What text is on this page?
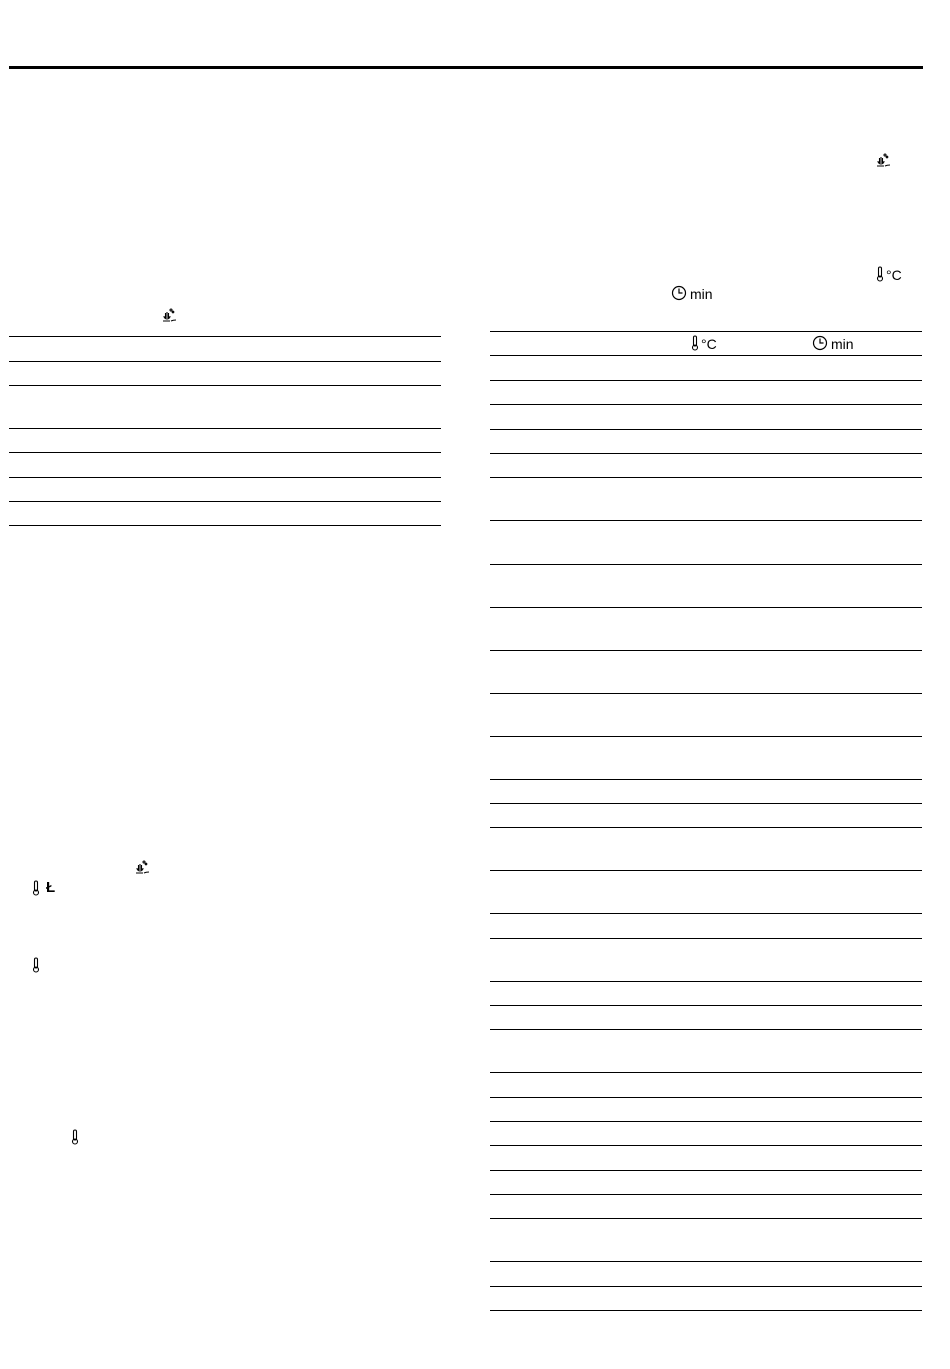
Ł
°C
min
°C	min
